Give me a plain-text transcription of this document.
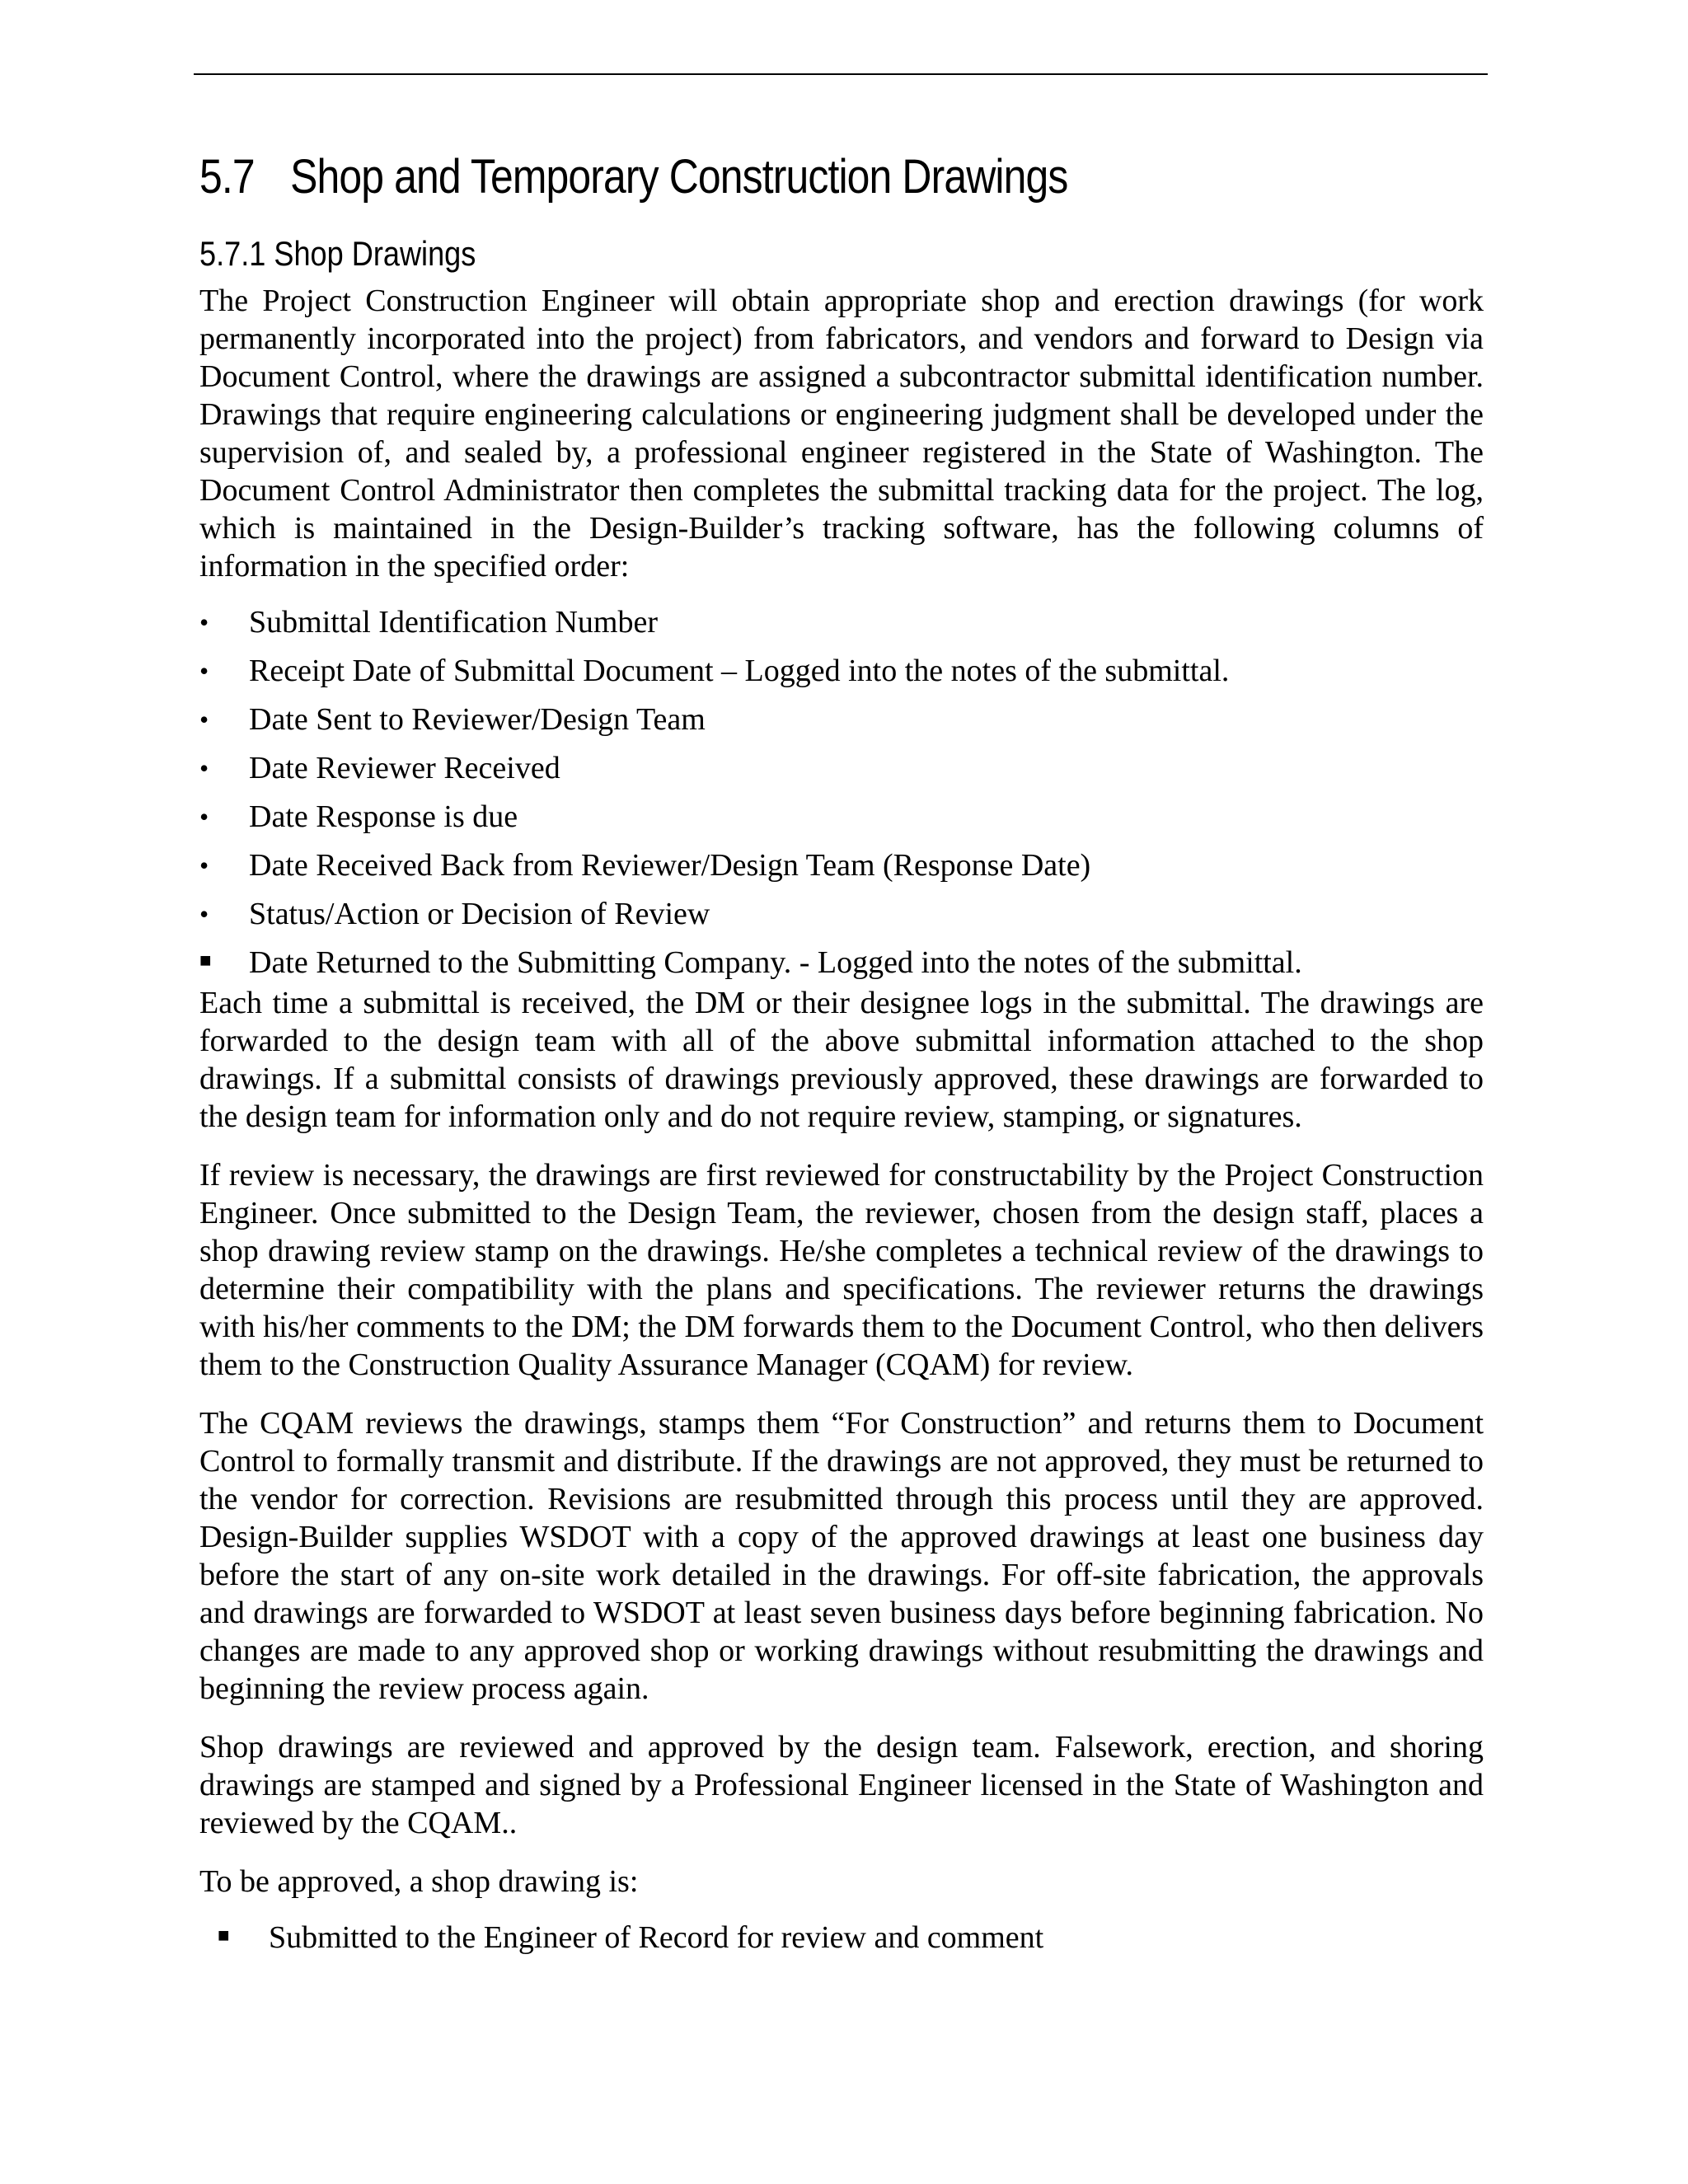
5.7 Shop and Temporary Construction Drawings
5.7.1 Shop Drawings

The Project Construction Engineer will obtain appropriate shop and erection drawings (for work permanently incorporated into the project) from fabricators, and vendors and forward to Design via Document Control, where the drawings are assigned a subcontractor submittal identification number. Drawings that require engineering calculations or engineering judgment shall be developed under the supervision of, and sealed by, a professional engineer registered in the State of Washington. The Document Control Administrator then completes the submittal tracking data for the project. The log, which is maintained in the Design-Builder’s tracking software, has the following columns of information in the specified order:

•	Submittal Identification Number
•	Receipt Date of Submittal Document – Logged into the notes of the submittal.
•	Date Sent to Reviewer/Design Team
•	Date Reviewer Received
•	Date Response is due
•	Date Received Back from Reviewer/Design Team (Response Date)
•	Status/Action or Decision of Review
■	Date Returned to the Submitting Company. - Logged into the notes of the submittal.

Each time a submittal is received, the DM or their designee logs in the submittal. The drawings are forwarded to the design team with all of the above submittal information attached to the shop drawings. If a submittal consists of drawings previously approved, these drawings are forwarded to the design team for information only and do not require review, stamping, or signatures.

If review is necessary, the drawings are first reviewed for constructability by the Project Construction Engineer. Once submitted to the Design Team, the reviewer, chosen from the design staff, places a shop drawing review stamp on the drawings. He/she completes a technical review of the drawings to determine their compatibility with the plans and specifications. The reviewer returns the drawings with his/her comments to the DM; the DM forwards them to the Document Control, who then delivers them to the Construction Quality Assurance Manager (CQAM) for review.

The CQAM reviews the drawings, stamps them “For Construction” and returns them to Document Control to formally transmit and distribute. If the drawings are not approved, they must be returned to the vendor for correction. Revisions are resubmitted through this process until they are approved. Design-Builder supplies WSDOT with a copy of the approved drawings at least one business day before the start of any on-site work detailed in the drawings. For off-site fabrication, the approvals and drawings are forwarded to WSDOT at least seven business days before beginning fabrication. No changes are made to any approved shop or working drawings without resubmitting the drawings and beginning the review process again.

Shop drawings are reviewed and approved by the design team. Falsework, erection, and shoring drawings are stamped and signed by a Professional Engineer licensed in the State of Washington and reviewed by the CQAM..

To be approved, a shop drawing is:

■ Submitted to the Engineer of Record for review and comment
